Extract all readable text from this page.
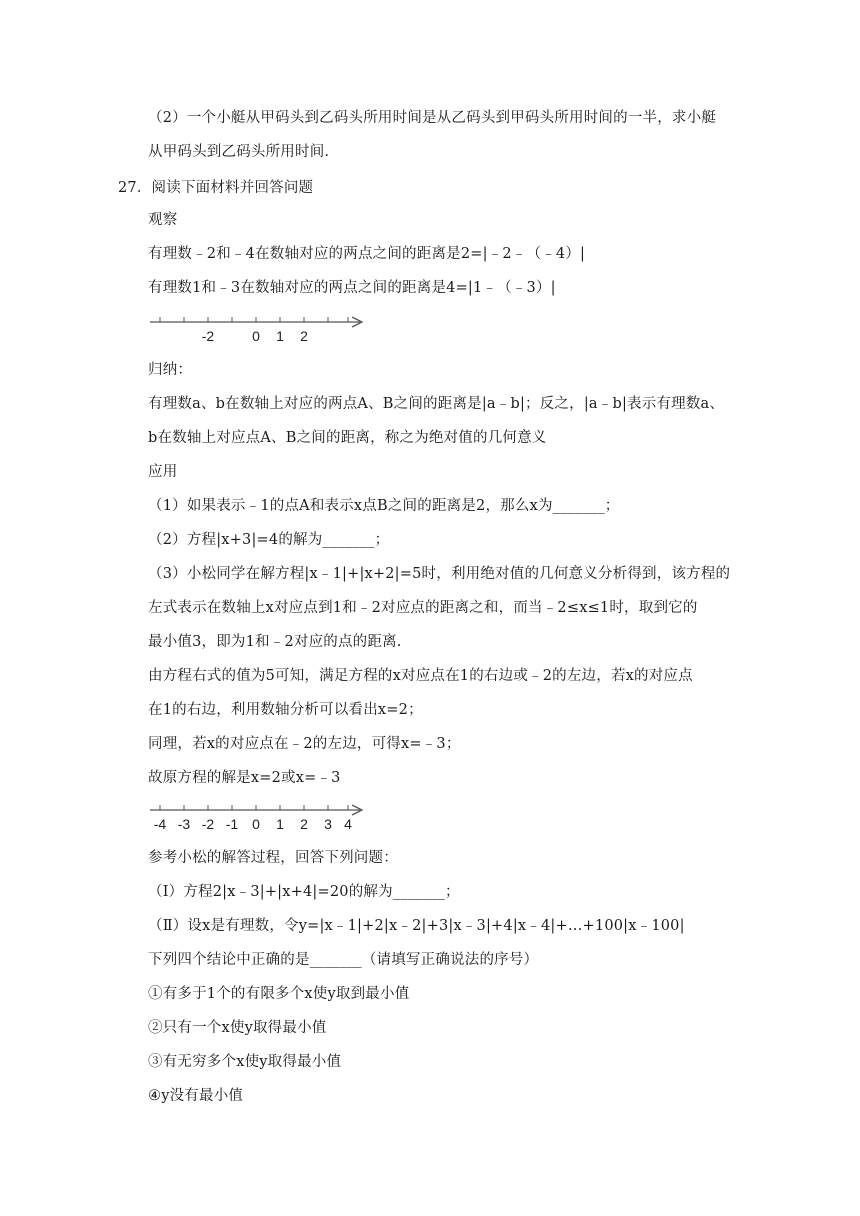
（2）一个小艇从甲码头到乙码头所用时间是从乙码头到甲码头所用时间的一半，求小艇
从甲码头到乙码头所用时间.
27．阅读下面材料并回答问题
观察
有理数﹣2和﹣4在数轴对应的两点之间的距离是2=|﹣2﹣（﹣4）|
有理数1和﹣3在数轴对应的两点之间的距离是4=|1﹣（﹣3）|
-2	0 1 2
归纳：
有理数a、b在数轴上对应的两点A、B之间的距离是|a﹣b|；反之，|a﹣b|表示有理数a、
b在数轴上对应点A、B之间的距离，称之为绝对值的几何意义
应用
（1）如果表示﹣1的点A和表示x点B之间的距离是2，那么x为_______；
（2）方程|x+3|=4的解为_______；
（3）小松同学在解方程|x﹣1|+|x+2|=5时，利用绝对值的几何意义分析得到，该方程的
左式表示在数轴上x对应点到1和﹣2对应点的距离之和，而当﹣2≤x≤1时，取到它的
最小值3，即为1和﹣2对应的点的距离.
由方程右式的值为5可知，满足方程的x对应点在1的右边或﹣2的左边，若x的对应点
在1的右边，利用数轴分析可以看出x=2；
同理，若x的对应点在﹣2的左边，可得x=﹣3；
故原方程的解是x=2或x=﹣3
-4 -3 -2 -1 0 1 2 3 4
参考小松的解答过程，回答下列问题：
（Ⅰ）方程2|x﹣3|+|x+4|=20的解为_______；
（Ⅱ）设x是有理数，令y=|x﹣1|+2|x﹣2|+3|x﹣3|+4|x﹣4|+…+100|x﹣100|
下列四个结论中正确的是_______（请填写正确说法的序号）
①有多于1个的有限多个x使y取到最小值
②只有一个x使y取得最小值
③有无穷多个x使y取得最小值
④y没有最小值
